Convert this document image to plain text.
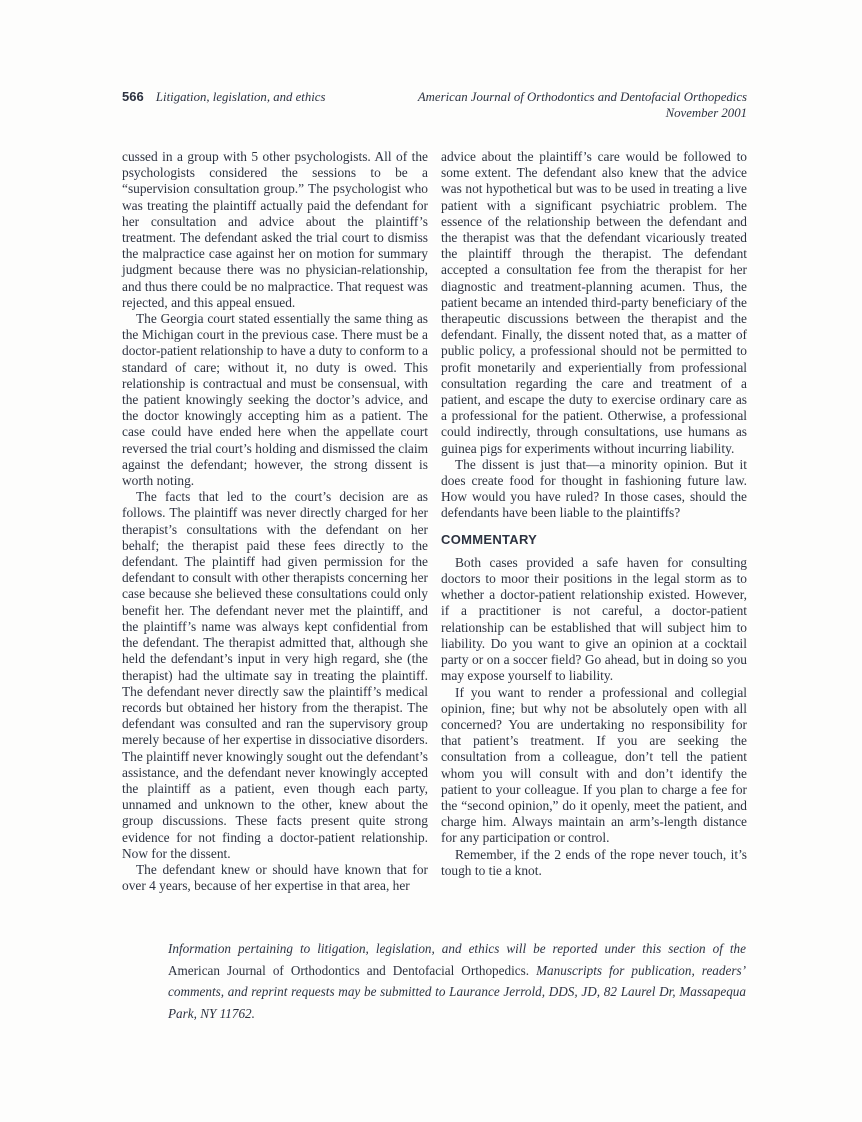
566 Litigation, legislation, and ethics	American Journal of Orthodontics and Dentofacial Orthopedics
November 2001

cussed in a group with 5 other psychologists. All of the psychologists considered the sessions to be a “supervision consultation group.” The psychologist who was treating the plaintiff actually paid the defendant for her consultation and advice about the plaintiff’s treatment. The defendant asked the trial court to dismiss the malpractice case against her on motion for summary judgment because there was no physician-relationship, and thus there could be no malpractice. That request was rejected, and this appeal ensued.

The Georgia court stated essentially the same thing as the Michigan court in the previous case. There must be a doctor-patient relationship to have a duty to conform to a standard of care; without it, no duty is owed. This relationship is contractual and must be consensual, with the patient knowingly seeking the doctor’s advice, and the doctor knowingly accepting him as a patient. The case could have ended here when the appellate court reversed the trial court’s holding and dismissed the claim against the defendant; however, the strong dissent is worth noting.

The facts that led to the court’s decision are as follows. The plaintiff was never directly charged for her therapist’s consultations with the defendant on her behalf; the therapist paid these fees directly to the defendant. The plaintiff had given permission for the defendant to consult with other therapists concerning her case because she believed these consultations could only benefit her. The defendant never met the plaintiff, and the plaintiff’s name was always kept confidential from the defendant. The therapist admitted that, although she held the defendant’s input in very high regard, she (the therapist) had the ultimate say in treating the plaintiff. The defendant never directly saw the plaintiff’s medical records but obtained her history from the therapist. The defendant was consulted and ran the supervisory group merely because of her expertise in dissociative disorders. The plaintiff never knowingly sought out the defendant’s assistance, and the defendant never knowingly accepted the plaintiff as a patient, even though each party, unnamed and unknown to the other, knew about the group discussions. These facts present quite strong evidence for not finding a doctor-patient relationship. Now for the dissent.

The defendant knew or should have known that for over 4 years, because of her expertise in that area, her

advice about the plaintiff’s care would be followed to some extent. The defendant also knew that the advice was not hypothetical but was to be used in treating a live patient with a significant psychiatric problem. The essence of the relationship between the defendant and the therapist was that the defendant vicariously treated the plaintiff through the therapist. The defendant accepted a consultation fee from the therapist for her diagnostic and treatment-planning acumen. Thus, the patient became an intended third-party beneficiary of the therapeutic discussions between the therapist and the defendant. Finally, the dissent noted that, as a matter of public policy, a professional should not be permitted to profit monetarily and experientially from professional consultation regarding the care and treatment of a patient, and escape the duty to exercise ordinary care as a professional for the patient. Otherwise, a professional could indirectly, through consultations, use humans as guinea pigs for experiments without incurring liability.

The dissent is just that—a minority opinion. But it does create food for thought in fashioning future law. How would you have ruled? In those cases, should the defendants have been liable to the plaintiffs?

COMMENTARY

Both cases provided a safe haven for consulting doctors to moor their positions in the legal storm as to whether a doctor-patient relationship existed. However, if a practitioner is not careful, a doctor-patient relationship can be established that will subject him to liability. Do you want to give an opinion at a cocktail party or on a soccer field? Go ahead, but in doing so you may expose yourself to liability.

If you want to render a professional and collegial opinion, fine; but why not be absolutely open with all concerned? You are undertaking no responsibility for that patient’s treatment. If you are seeking the consultation from a colleague, don’t tell the patient whom you will consult with and don’t identify the patient to your colleague. If you plan to charge a fee for the “second opinion,” do it openly, meet the patient, and charge him. Always maintain an arm’s-length distance for any participation or control.

Remember, if the 2 ends of the rope never touch, it’s tough to tie a knot.

Information pertaining to litigation, legislation, and ethics will be reported under this section of the American Journal of Orthodontics and Dentofacial Orthopedics. Manuscripts for publication, readers’ comments, and reprint requests may be submitted to Laurance Jerrold, DDS, JD, 82 Laurel Dr, Massapequa Park, NY 11762.
